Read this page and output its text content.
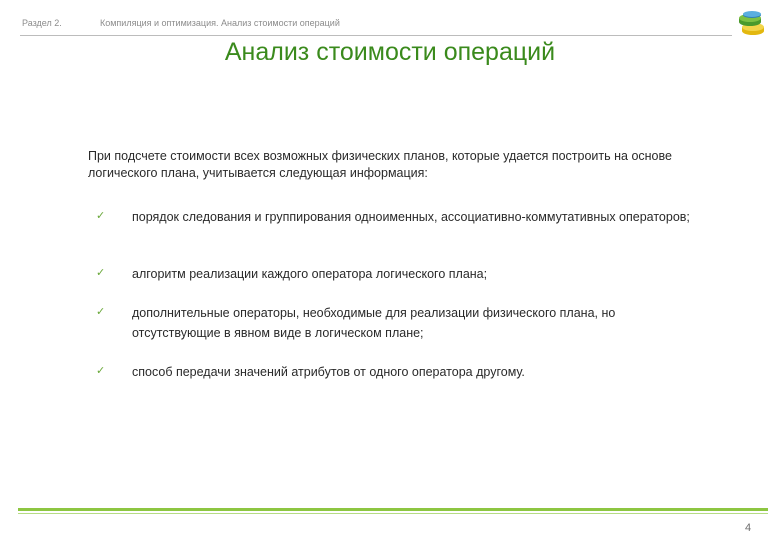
Раздел 2.	Компиляция и оптимизация. Анализ стоимости операций
Анализ стоимости операций
При подсчете стоимости всех возможных физических планов, которые удается построить на основе логического плана, учитывается следующая информация:
✓ порядок следования и группирования одноименных, ассоциативно-коммутативных операторов;
✓ алгоритм реализации каждого оператора логического плана;
✓ дополнительные операторы, необходимые для реализации физического плана, но отсутствующие в явном виде в логическом плане;
✓ способ передачи значений атрибутов от одного оператора другому.
4
